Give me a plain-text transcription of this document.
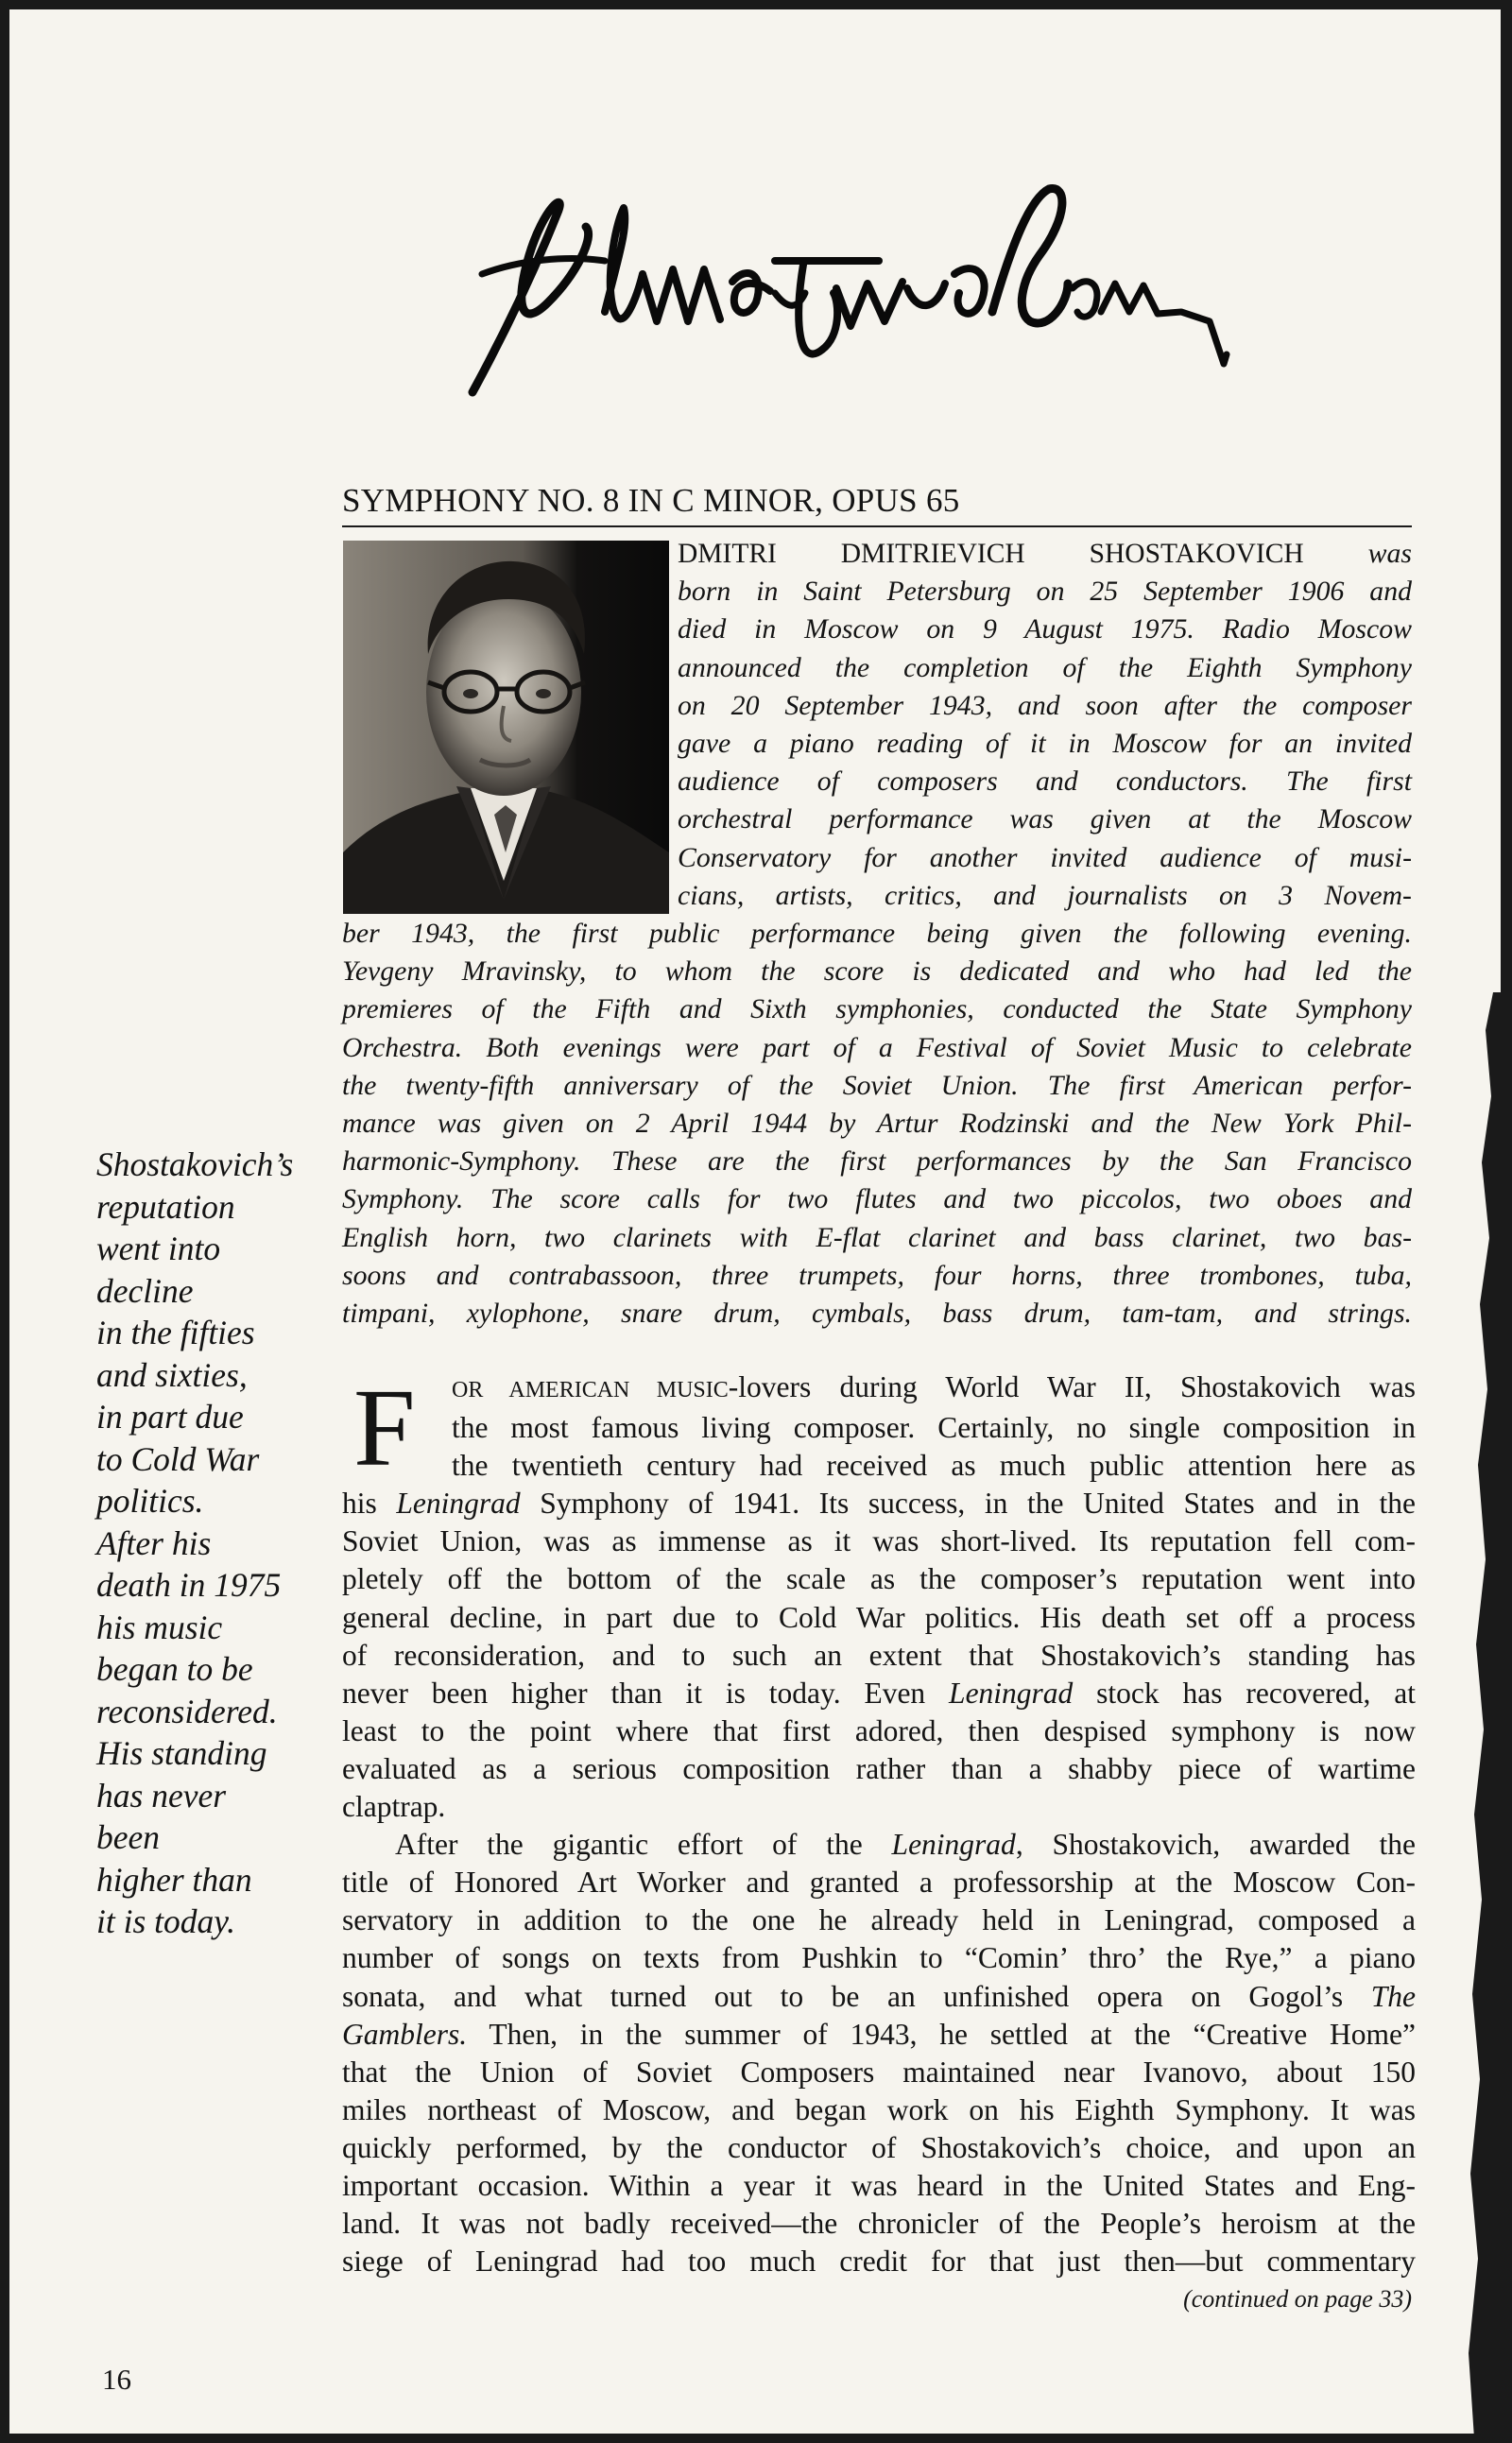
SYMPHONY NO. 8 IN C MINOR, OPUS 65
DMITRI DMITRIEVICH SHOSTAKOVICH was
born in Saint Petersburg on 25 September 1906 and
died in Moscow on 9 August 1975. Radio Moscow
announced the completion of the Eighth Symphony
on 20 September 1943, and soon after the composer
gave a piano reading of it in Moscow for an invited
audience of composers and conductors. The first
orchestral performance was given at the Moscow
Conservatory for another invited audience of musi-
cians, artists, critics, and journalists on 3 Novem-
ber 1943, the first public performance being given the following evening.
Yevgeny Mravinsky, to whom the score is dedicated and who had led the
premieres of the Fifth and Sixth symphonies, conducted the State Symphony
Orchestra. Both evenings were part of a Festival of Soviet Music to celebrate
the twenty-fifth anniversary of the Soviet Union. The first American perfor-
mance was given on 2 April 1944 by Artur Rodzinski and the New York Phil-
harmonic-Symphony. These are the first performances by the San Francisco
Symphony. The score calls for two flutes and two piccolos, two oboes and
English horn, two clarinets with E-flat clarinet and bass clarinet, two bas-
soons and contrabassoon, three trumpets, four horns, three trombones, tuba,
timpani, xylophone, snare drum, cymbals, bass drum, tam-tam, and strings.
Shostakovich’s
reputation
went into
decline
in the fifties
and sixties,
in part due
to Cold War
politics.
After his
death in 1975
his music
began to be
reconsidered.
His standing
has never
been
higher than
it is today.
F OR AMERICAN MUSIC-lovers during World War II, Shostakovich was
the most famous living composer. Certainly, no single composition in
the twentieth century had received as much public attention here as
his Leningrad Symphony of 1941. Its success, in the United States and in the
Soviet Union, was as immense as it was short-lived. Its reputation fell com-
pletely off the bottom of the scale as the composer’s reputation went into
general decline, in part due to Cold War politics. His death set off a process
of reconsideration, and to such an extent that Shostakovich’s standing has
never been higher than it is today. Even Leningrad stock has recovered, at
least to the point where that first adored, then despised symphony is now
evaluated as a serious composition rather than a shabby piece of wartime
claptrap.
After the gigantic effort of the Leningrad, Shostakovich, awarded the
title of Honored Art Worker and granted a professorship at the Moscow Con-
servatory in addition to the one he already held in Leningrad, composed a
number of songs on texts from Pushkin to “Comin’ thro’ the Rye,” a piano
sonata, and what turned out to be an unfinished opera on Gogol’s The
Gamblers. Then, in the summer of 1943, he settled at the “Creative Home”
that the Union of Soviet Composers maintained near Ivanovo, about 150
miles northeast of Moscow, and began work on his Eighth Symphony. It was
quickly performed, by the conductor of Shostakovich’s choice, and upon an
important occasion. Within a year it was heard in the United States and Eng-
land. It was not badly received—the chronicler of the People’s heroism at the
siege of Leningrad had too much credit for that just then—but commentary
(continued on page 33)
16
